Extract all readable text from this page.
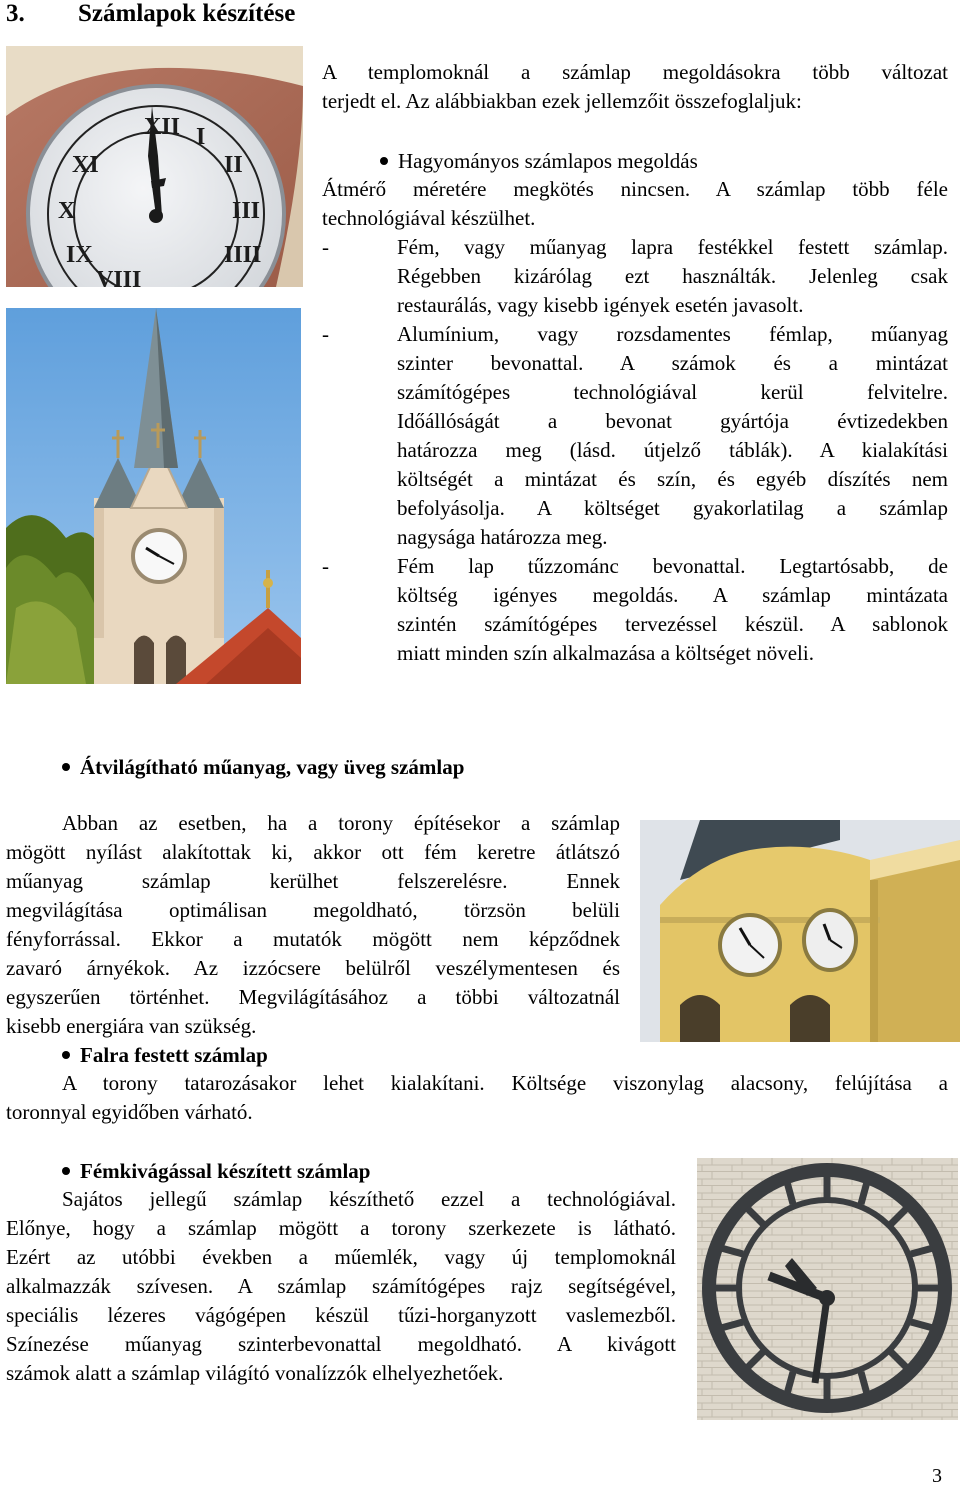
3. Számlapok készítése
XII I
II
III
XI
X
IX
VIII
IIII
A templomoknál a számlap megoldásokra több változat
terjedt el. Az alábbiakban ezek jellemzőit összefoglaljuk:
Hagyományos számlapos megoldás
Átmérő méretére megkötés nincsen. A számlap több féle
technológiával készülhet.
-	Fém, vagy műanyag lapra festékkel festett számlap.
Régebben kizárólag ezt használták. Jelenleg csak
restaurálás, vagy kisebb igények esetén javasolt.
-	Alumínium, vagy rozsdamentes fémlap, műanyag
szinter bevonattal. A számok és a mintázat
számítógépes technológiával kerül felvitelre.
Időállóságát a bevonat gyártója évtizedekben
határozza meg (lásd. útjelző táblák). A kialakítási
költségét a mintázat és szín, és egyéb díszítés nem
befolyásolja. A költséget gyakorlatilag a számlap
nagysága határozza meg.
-	Fém lap tűzzománc bevonattal. Legtartósabb, de
költség igényes megoldás. A számlap mintázata
szintén számítógépes tervezéssel készül. A sablonok
miatt minden szín alkalmazása a költséget növeli.
Átvilágítható műanyag, vagy üveg számlap
Abban az esetben, ha a torony építésekor a számlap
mögött nyílást alakítottak ki, akkor ott fém keretre átlátszó
műanyag számlap kerülhet felszerelésre. Ennek
megvilágítása optimálisan megoldható, törzsön belüli
fényforrással. Ekkor a mutatók mögött nem képződnek
zavaró árnyékok. Az izzócsere belülről veszélymentesen és
egyszerűen történhet. Megvilágításához a többi változatnál
kisebb energiára van szükség.
Falra festett számlap
A torony tatarozásakor lehet kialakítani. Költsége viszonylag alacsony, felújítása a
toronnyal egyidőben várható.
Fémkivágással készített számlap
Sajátos jellegű számlap készíthető ezzel a technológiával.
Előnye, hogy a számlap mögött a torony szerkezete is látható.
Ezért az utóbbi években a műemlék, vagy új templomoknál
alkalmazzák szívesen. A számlap számítógépes rajz segítségével,
speciális lézeres vágógépen készül tűzi-horganyzott vaslemezből.
Színezése műanyag szinterbevonattal megoldható. A kivágott
számok alatt a számlap világító vonalízzók elhelyezhetőek.
3
